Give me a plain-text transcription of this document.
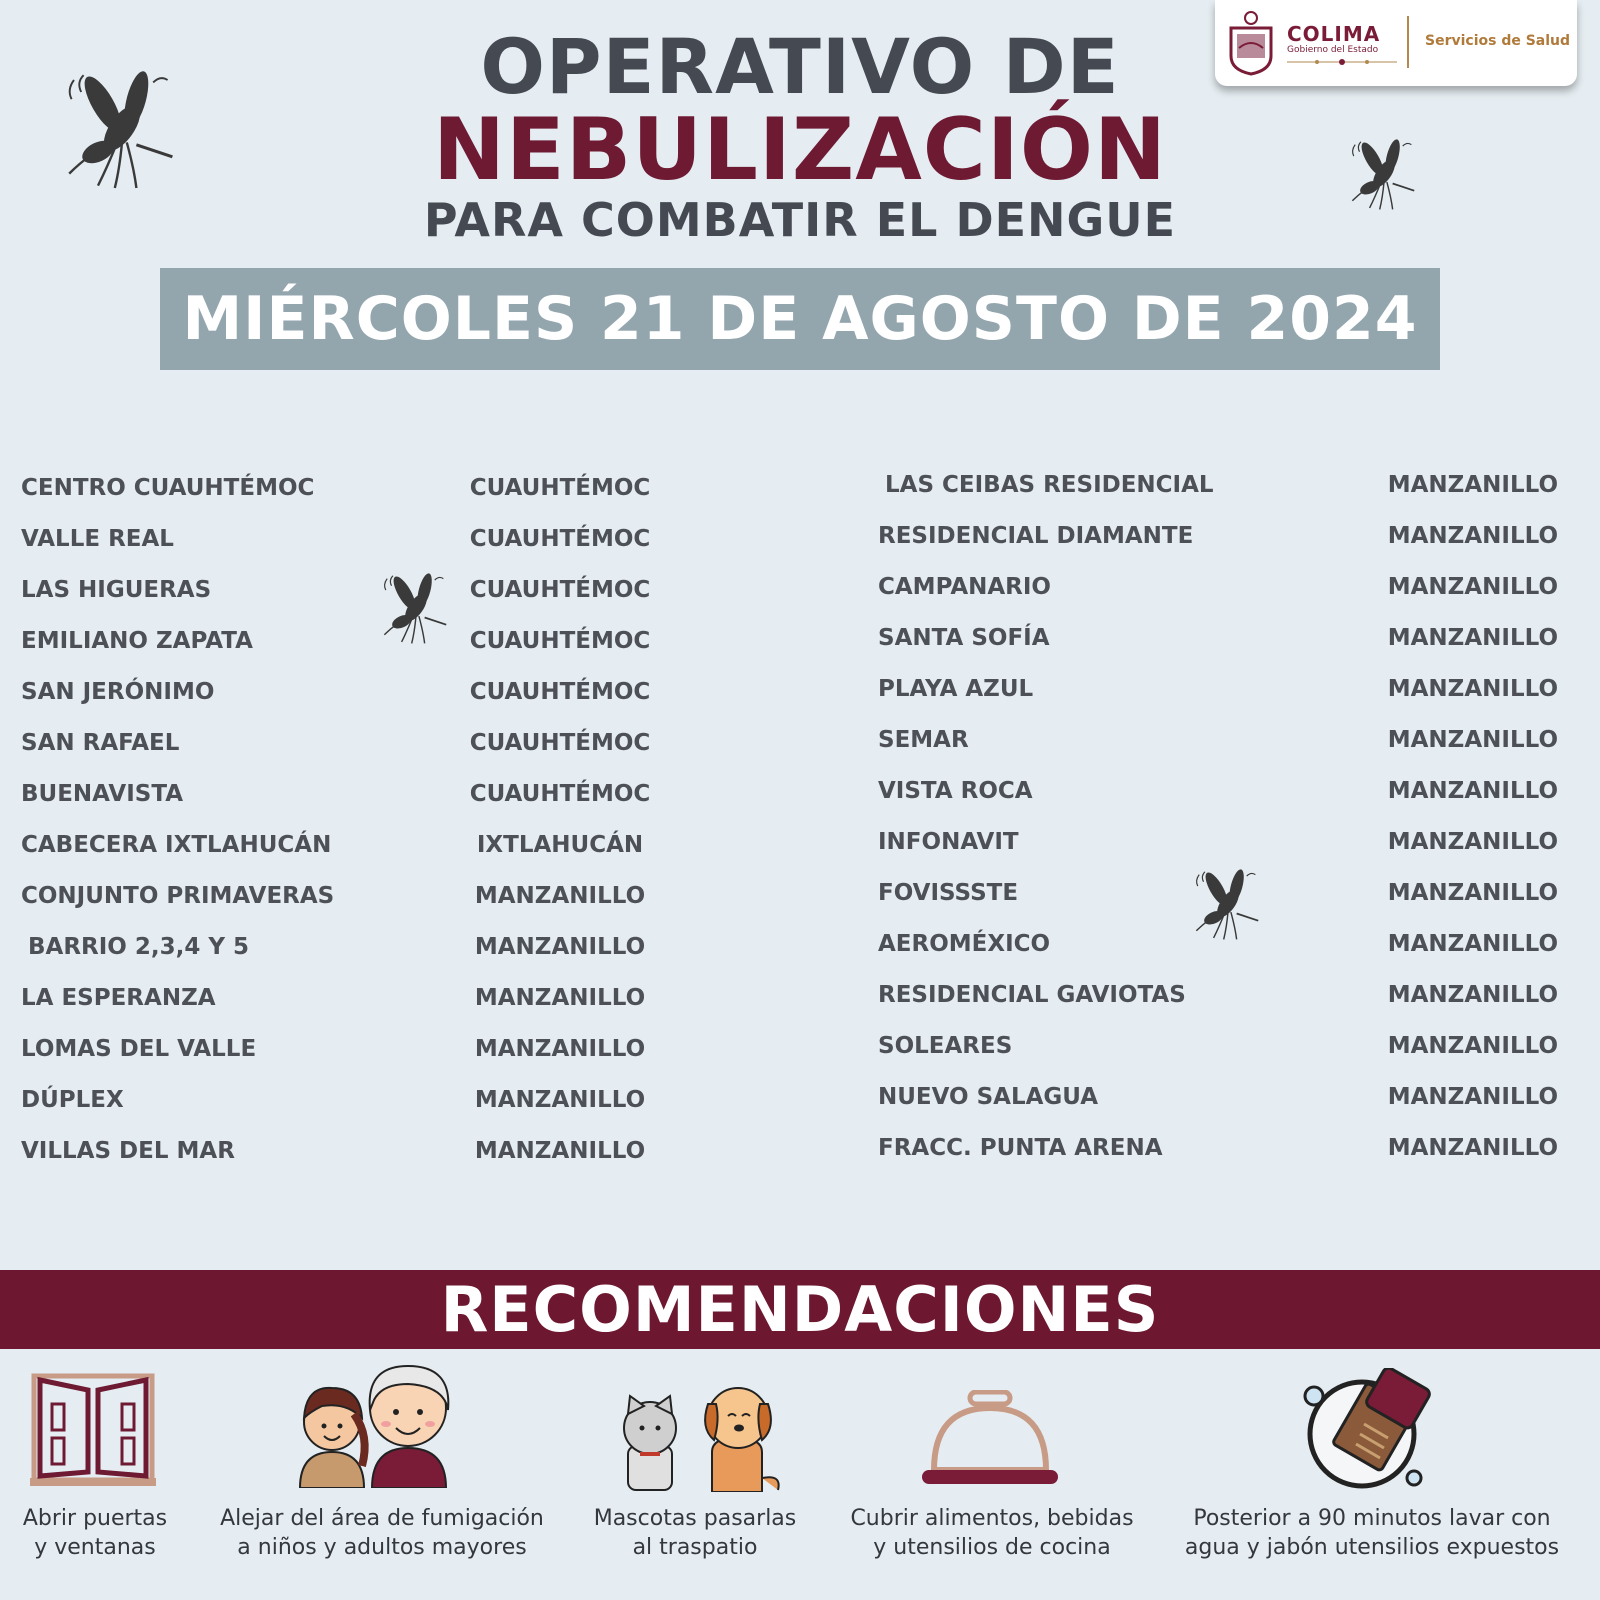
OPERATIVO DE
NEBULIZACIÓN
PARA COMBATIR EL DENGUE
MIÉRCOLES 21 DE AGOSTO DE 2024
COLIMA
Gobierno del Estado
Servicios de Salud
CENTRO CUAUHTÉMOC	CUAUHTÉMOC
VALLE REAL	CUAUHTÉMOC
LAS HIGUERAS	CUAUHTÉMOC
EMILIANO ZAPATA	CUAUHTÉMOC
SAN JERÓNIMO	CUAUHTÉMOC
SAN RAFAEL	CUAUHTÉMOC
BUENAVISTA	CUAUHTÉMOC
CABECERA IXTLAHUCÁN	IXTLAHUCÁN
CONJUNTO PRIMAVERAS	MANZANILLO
BARRIO 2,3,4 Y 5	MANZANILLO
LA ESPERANZA	MANZANILLO
LOMAS DEL VALLE	MANZANILLO
DÚPLEX	MANZANILLO
VILLAS DEL MAR	MANZANILLO
LAS CEIBAS RESIDENCIAL	MANZANILLO
RESIDENCIAL DIAMANTE	MANZANILLO
CAMPANARIO	MANZANILLO
SANTA SOFÍA	MANZANILLO
PLAYA AZUL	MANZANILLO
SEMAR	MANZANILLO
VISTA ROCA	MANZANILLO
INFONAVIT	MANZANILLO
FOVISSSTE	MANZANILLO
AEROMÉXICO	MANZANILLO
RESIDENCIAL GAVIOTAS	MANZANILLO
SOLEARES	MANZANILLO
NUEVO SALAGUA	MANZANILLO
FRACC. PUNTA ARENA	MANZANILLO
RECOMENDACIONES
Abrir puertas
y ventanas
Alejar del área de fumigación
a niños y adultos mayores
Mascotas pasarlas
al traspatio
Cubrir alimentos, bebidas
y utensilios de cocina
Posterior a 90 minutos lavar con
agua y jabón utensilios expuestos
